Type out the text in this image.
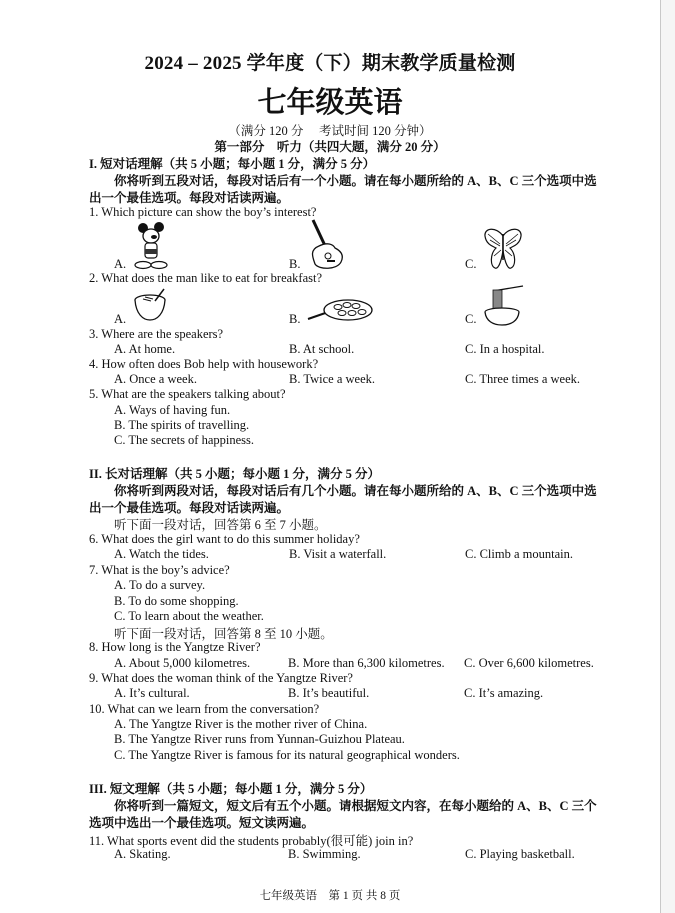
2024 – 2025 学年度（下）期末教学质量检测
七年级英语
（满分 120 分　 考试时间 120 分钟）
第一部分　听力（共四大题，满分 20 分）
I. 短对话理解（共 5 小题；每小题 1 分，满分 5 分）
你将听到五段对话，每段对话后有一个小题。请在每小题所给的 A、B、C 三个选项中选
出一个最佳选项。每段对话读两遍。
1. Which picture can show the boy’s interest?
A.	B.	C.
2. What does the man like to eat for breakfast?
A.	B.	C.
3. Where are the speakers?
A. At home.	B. At school.	C. In a hospital.
4. How often does Bob help with housework?
A. Once a week.	B. Twice a week.	C. Three times a week.
5. What are the speakers talking about?
A. Ways of having fun.
B. The spirits of travelling.
C. The secrets of happiness.
II. 长对话理解（共 5 小题；每小题 1 分，满分 5 分）
你将听到两段对话，每段对话后有几个小题。请在每小题所给的 A、B、C 三个选项中选
出一个最佳选项。每段对话读两遍。
听下面一段对话，回答第 6 至 7 小题。
6. What does the girl want to do this summer holiday?
A. Watch the tides.	B. Visit a waterfall.	C. Climb a mountain.
7. What is the boy’s advice?
A. To do a survey.
B. To do some shopping.
C. To learn about the weather.
听下面一段对话，回答第 8 至 10 小题。
8. How long is the Yangtze River?
A. About 5,000 kilometres.	B. More than 6,300 kilometres. C. Over 6,600 kilometres.
9. What does the woman think of the Yangtze River?
A. It’s cultural.	B. It’s beautiful.	C. It’s amazing.
10. What can we learn from the conversation?
A. The Yangtze River is the mother river of China.
B. The Yangtze River runs from Yunnan-Guizhou Plateau.
C. The Yangtze River is famous for its natural geographical wonders.
III. 短文理解（共 5 小题；每小题 1 分，满分 5 分）
你将听到一篇短文，短文后有五个小题。请根据短文内容，在每小题给的 A、B、C 三个
选项中选出一个最佳选项。短文读两遍。
11. What sports event did the students probably(很可能) join in?
A. Skating.	B. Swimming.	C. Playing basketball.
七年级英语　第 1 页 共 8 页
